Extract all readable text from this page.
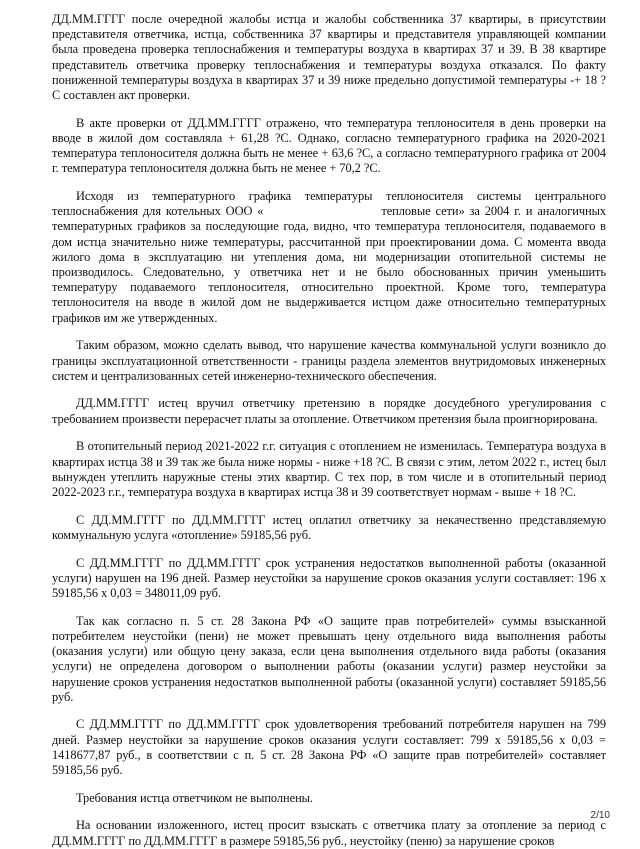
ДД.ММ.ГГГГ после очередной жалобы истца и жалобы собственника 37 квартиры, в присутствии представителя ответчика, истца, собственника 37 квартиры и представителя управляющей компании была проведена проверка теплоснабжения и температуры воздуха в квартирах 37 и 39. В 38 квартире представитель ответчика проверку теплоснабжения и температуры воздуха отказался. По факту пониженной температуры воздуха в квартирах 37 и 39 ниже предельно допустимой температуры -+ 18 ?С составлен акт проверки.

В акте проверки от ДД.ММ.ГГГГ отражено, что температура теплоносителя в день проверки на вводе в жилой дом составляла + 61,28 ?С. Однако, согласно температурного графика на 2020-2021 температура теплоносителя должна быть не менее + 63,6 ?С, а согласно температурного графика от 2004 г. температура теплоносителя должна быть не менее + 70,2 ?С.

Исходя из температурного графика температуры теплоносителя системы центрального теплоснабжения для котельных ООО «                        тепловые сети» за 2004 г. и аналогичных температурных графиков за последующие года, видно, что температура теплоносителя, подаваемого в дом истца значительно ниже температуры, рассчитанной при проектировании дома. С момента ввода жилого дома в эксплуатацию ни утепления дома, ни модернизации отопительной системы не производилось. Следовательно, у ответчика нет и не было обоснованных причин уменьшить температуру подаваемого теплоносителя, относительно проектной. Кроме того, температура теплоносителя на вводе в жилой дом не выдерживается истцом даже относительно температурных графиков им же утвержденных.

Таким образом, можно сделать вывод, что нарушение качества коммунальной услуги возникло до границы эксплуатационной ответственности - границы раздела элементов внутридомовых инженерных систем и централизованных сетей инженерно-технического обеспечения.

ДД.ММ.ГГГГ истец вручил ответчику претензию в порядке досудебного урегулирования с требованием произвести перерасчет платы за отопление. Ответчиком претензия была проигнорирована.

В отопительный период 2021-2022 г.г. ситуация с отоплением не изменилась. Температура воздуха в квартирах истца 38 и 39 так же была ниже нормы - ниже +18 ?С. В связи с этим, летом 2022 г., истец был вынужден утеплить наружные стены этих квартир. С тех пор, в том числе и в отопительный период 2022-2023 г.г., температура воздуха в квартирах истца 38 и 39 соответствует нормам - выше + 18 ?С.

С ДД.ММ.ГГГГ по ДД.ММ.ГГГГ истец оплатил ответчику за некачественно представляемую коммунальную услуга «отопление» 59185,56 руб.

С ДД.ММ.ГГГГ по ДД.ММ.ГГГГ срок устранения недостатков выполненной работы (оказанной услуги) нарушен на 196 дней. Размер неустойки за нарушение сроков оказания услуги составляет: 196 х 59185,56 х 0,03 = 348011,09 руб.

Так как согласно п. 5 ст. 28 Закона РФ «О защите прав потребителей» суммы взысканной потребителем неустойки (пени) не может превышать цену отдельного вида выполнения работы (оказания услуги) или общую цену заказа, если цена выполнения отдельного вида работы (оказания услуги) не определена договором о выполнении работы (оказании услуги) размер неустойки за нарушение сроков устранения недостатков выполненной работы (оказанной услуги) составляет 59185,56 руб.

С ДД.ММ.ГГГГ по ДД.ММ.ГГГГ срок удовлетворения требований потребителя нарушен на 799 дней. Размер неустойки за нарушение сроков оказания услуги составляет: 799 х 59185,56 х 0,03 = 1418677,87 руб., в соответствии с п. 5 ст. 28 Закона РФ «О защите прав потребителей» составляет 59185,56 руб.

Требования истца ответчиком не выполнены.

На основании изложенного, истец просит взыскать с ответчика плату за отопление за период с ДД.ММ.ГГГГ по ДД.ММ.ГГГГ в размере 59185,56 руб., неустойку (пеню) за нарушение сроков

2/10
